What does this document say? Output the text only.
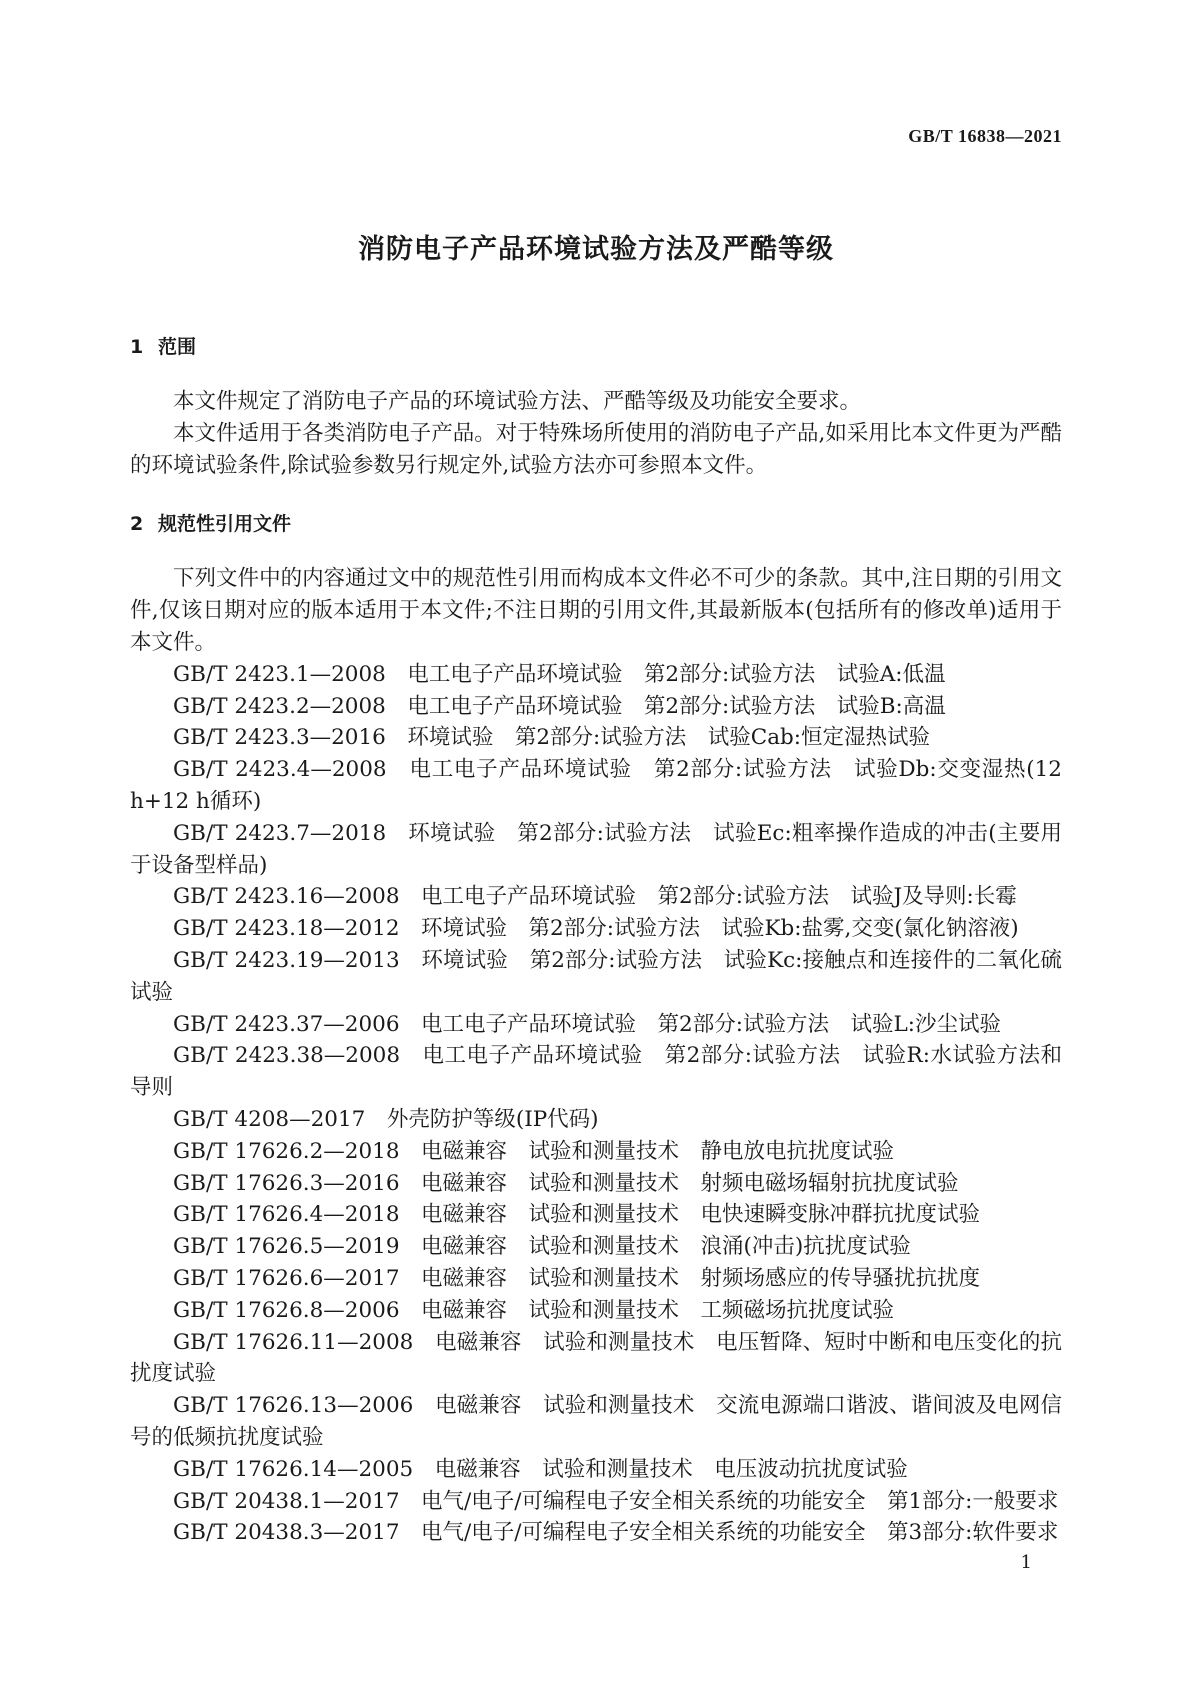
GB/T 16838—2021
消防电子产品环境试验方法及严酷等级
1 范围

本文件规定了消防电子产品的环境试验方法、严酷等级及功能安全要求。

本文件适用于各类消防电子产品。对于特殊场所使用的消防电子产品,如采用比本文件更为严酷的环境试验条件,除试验参数另行规定外,试验方法亦可参照本文件。

2 规范性引用文件

下列文件中的内容通过文中的规范性引用而构成本文件必不可少的条款。其中,注日期的引用文件,仅该日期对应的版本适用于本文件;不注日期的引用文件,其最新版本(包括所有的修改单)适用于本文件。

GB/T 2423.1—2008　电工电子产品环境试验　第2部分:试验方法　试验A:低温

GB/T 2423.2—2008　电工电子产品环境试验　第2部分:试验方法　试验B:高温

GB/T 2423.3—2016　环境试验　第2部分:试验方法　试验Cab:恒定湿热试验

GB/T 2423.4—2008　电工电子产品环境试验　第2部分:试验方法　试验Db:交变湿热(12 h+12 h循环)

GB/T 2423.7—2018　环境试验　第2部分:试验方法　试验Ec:粗率操作造成的冲击(主要用于设备型样品)

GB/T 2423.16—2008　电工电子产品环境试验　第2部分:试验方法　试验J及导则:长霉

GB/T 2423.18—2012　环境试验　第2部分:试验方法　试验Kb:盐雾,交变(氯化钠溶液)

GB/T 2423.19—2013　环境试验　第2部分:试验方法　试验Kc:接触点和连接件的二氧化硫试验

GB/T 2423.37—2006　电工电子产品环境试验　第2部分:试验方法　试验L:沙尘试验

GB/T 2423.38—2008　电工电子产品环境试验　第2部分:试验方法　试验R:水试验方法和导则

GB/T 4208—2017　外壳防护等级(IP代码)

GB/T 17626.2—2018　电磁兼容　试验和测量技术　静电放电抗扰度试验

GB/T 17626.3—2016　电磁兼容　试验和测量技术　射频电磁场辐射抗扰度试验

GB/T 17626.4—2018　电磁兼容　试验和测量技术　电快速瞬变脉冲群抗扰度试验

GB/T 17626.5—2019　电磁兼容　试验和测量技术　浪涌(冲击)抗扰度试验

GB/T 17626.6—2017　电磁兼容　试验和测量技术　射频场感应的传导骚扰抗扰度

GB/T 17626.8—2006　电磁兼容　试验和测量技术　工频磁场抗扰度试验

GB/T 17626.11—2008　电磁兼容　试验和测量技术　电压暂降、短时中断和电压变化的抗扰度试验

GB/T 17626.13—2006　电磁兼容　试验和测量技术　交流电源端口谐波、谐间波及电网信号的低频抗扰度试验

GB/T 17626.14—2005　电磁兼容　试验和测量技术　电压波动抗扰度试验

GB/T 20438.1—2017　电气/电子/可编程电子安全相关系统的功能安全　第1部分:一般要求

GB/T 20438.3—2017　电气/电子/可编程电子安全相关系统的功能安全　第3部分:软件要求

1
